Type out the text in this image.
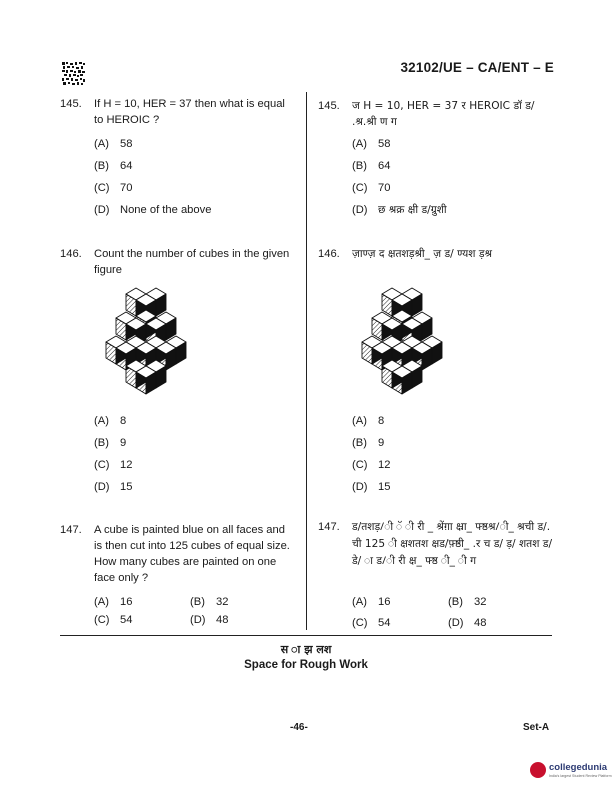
32102/UE – CA/ENT – E
145. If H = 10, HER = 37 then what is equal to HEROIC ?
(A) 58
(B) 64
(C) 70
(D) None of the above
145. ज H = 10, HER = 37 र HEROIC डॉ ड/ .श्र.श्री ण ग
(A) 58
(B) 64
(C) 70
(D) छ श्रक्र क्षी ड/ग्रुशी
146. Count the number of cubes in the given figure
(A) 8
(B) 9
(C) 12
(D) 15
146. ज़ाण्ज़ द क्षतशड़श्री_ ज़ ड/ ण्यश ड़श्र
(A) 8
(B) 9
(C) 12
(D) 15
147. A cube is painted blue on all faces and is then cut into 125 cubes of equal size. How many cubes are painted on one face only ?
(A) 16	(B) 32
(C) 54	(D) 48
147. ड/तशड़/ी ॅ ी री _ श्रेंग़ा क्ष्रा_ फ्ष्ठश्र/ी_ श्रची ड/. ची 125 ी क्षशतश क्षड/फ़्ष्ठी_ .र च ड/ ड़/ शतश ड/डे/ ा ड/ी री क्ष_ फ्ष्ठ ी_ ी ग
(A) 16	(B) 32
(C) 54	(D) 48
स ा झ लश
Space for Rough Work
-46-	Set-A
collegedunia
India's largest Student Review Platform
